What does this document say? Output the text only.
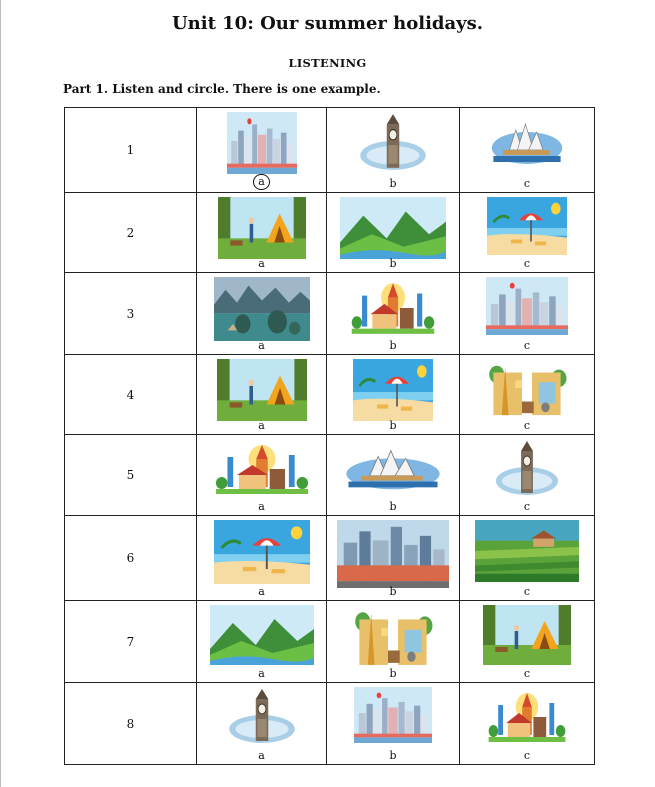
Unit 10: Our summer holidays.
LISTENING
Part 1. Listen and circle. There is one example.
1	a	b	c

2	a	b	c

3	a	b	c

4	a	b	c

5	a	b	c

6	a	b	c

7	a	b	c

8	a	b	c
